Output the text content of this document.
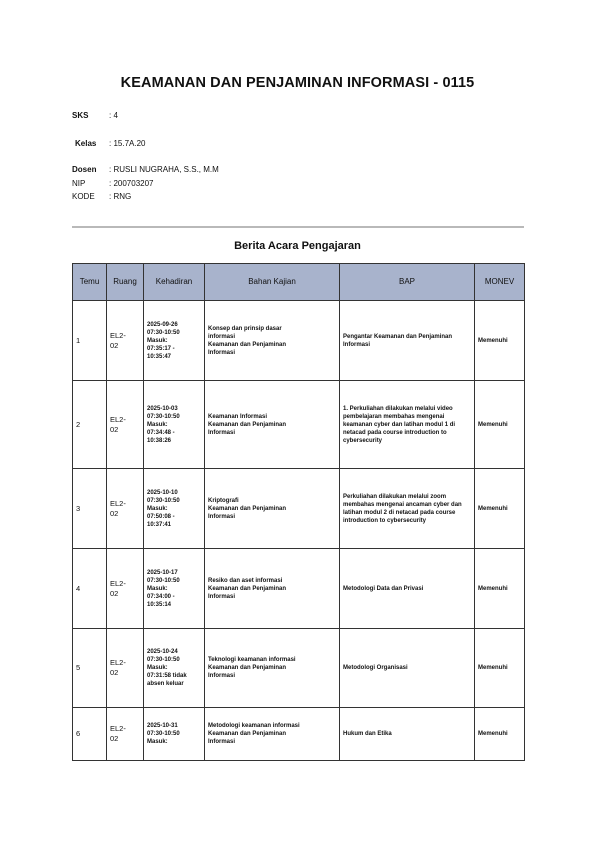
KEAMANAN DAN PENJAMINAN INFORMASI - 0115
SKS	: 4
Kelas : 15.7A.20
Dosen : RUSLI NUGRAHA, S.S., M.M
NIP	: 200703207
KODE : RNG
Berita Acara Pengajaran
Temu	Ruang	Kehadiran	Bahan Kajian	BAP	MONEV
1	EL2-
02	2025-09-26
07:30-10:50
Masuk:
07:35:17 -
10:35:47	Konsep dan prinsip dasar
informasi
Keamanan dan Penjaminan
Informasi	Pengantar Keamanan dan Penjaminan Informasi	Memenuhi
2	EL2-
02	2025-10-03
07:30-10:50
Masuk:
07:34:48 -
10:38:26	Keamanan Informasi
Keamanan dan Penjaminan
Informasi	1. Perkuliahan dilakukan melalui video pembelajaran membahas mengenai keamanan cyber dan latihan modul 1 di netacad pada course introduction to cybersecurity	Memenuhi
3	EL2-
02	2025-10-10
07:30-10:50
Masuk:
07:50:08 -
10:37:41	Kriptografi
Keamanan dan Penjaminan
Informasi	Perkuliahan dilakukan melalui zoom membahas mengenai ancaman cyber dan latihan modul 2 di netacad pada course introduction to cybersecurity	Memenuhi
4	EL2-
02	2025-10-17
07:30-10:50
Masuk:
07:34:00 -
10:35:14	Resiko dan aset informasi
Keamanan dan Penjaminan
Informasi	Metodologi Data dan Privasi	Memenuhi
5	EL2-
02	2025-10-24
07:30-10:50
Masuk:
07:31:58 tidak
absen keluar	Teknologi keamanan informasi
Keamanan dan Penjaminan
Informasi	Metodologi Organisasi	Memenuhi
6	EL2-
02	2025-10-31
07:30-10:50
Masuk:	Metodologi keamanan informasi
Keamanan dan Penjaminan
Informasi	Hukum dan Etika	Memenuhi
